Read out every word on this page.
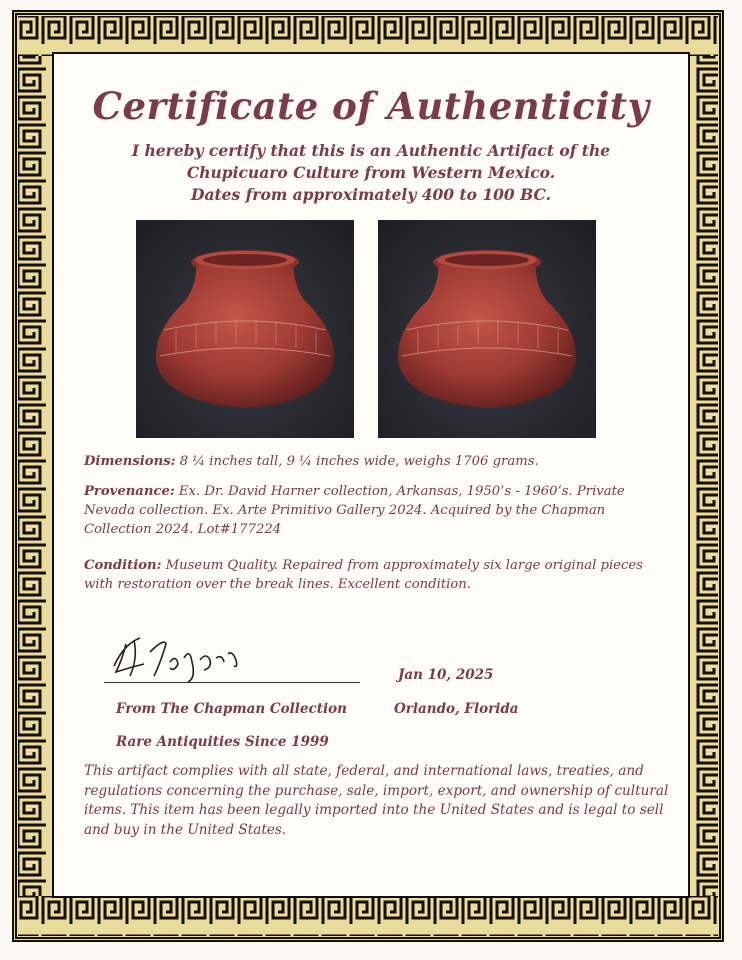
Certificate of Authenticity
I hereby certify that this is an Authentic Artifact of the
Chupicuaro Culture from Western Mexico.
Dates from approximately 400 to 100 BC.
Dimensions: 8 ¼ inches tall, 9 ¼ inches wide, weighs 1706 grams.
Provenance: Ex. Dr. David Harner collection, Arkansas, 1950’s - 1960’s. Private Nevada collection. Ex. Arte Primitivo Gallery 2024. Acquired by the Chapman Collection 2024. Lot#177224
Condition: Museum Quality. Repaired from approximately six large original pieces with restoration over the break lines. Excellent condition.
Jan 10, 2025
Orlando, Florida
From The Chapman Collection
Rare Antiquities Since 1999
This artifact complies with all state, federal, and international laws, treaties, and regulations concerning the purchase, sale, import, export, and ownership of cultural items. This item has been legally imported into the United States and is legal to sell and buy in the United States.
